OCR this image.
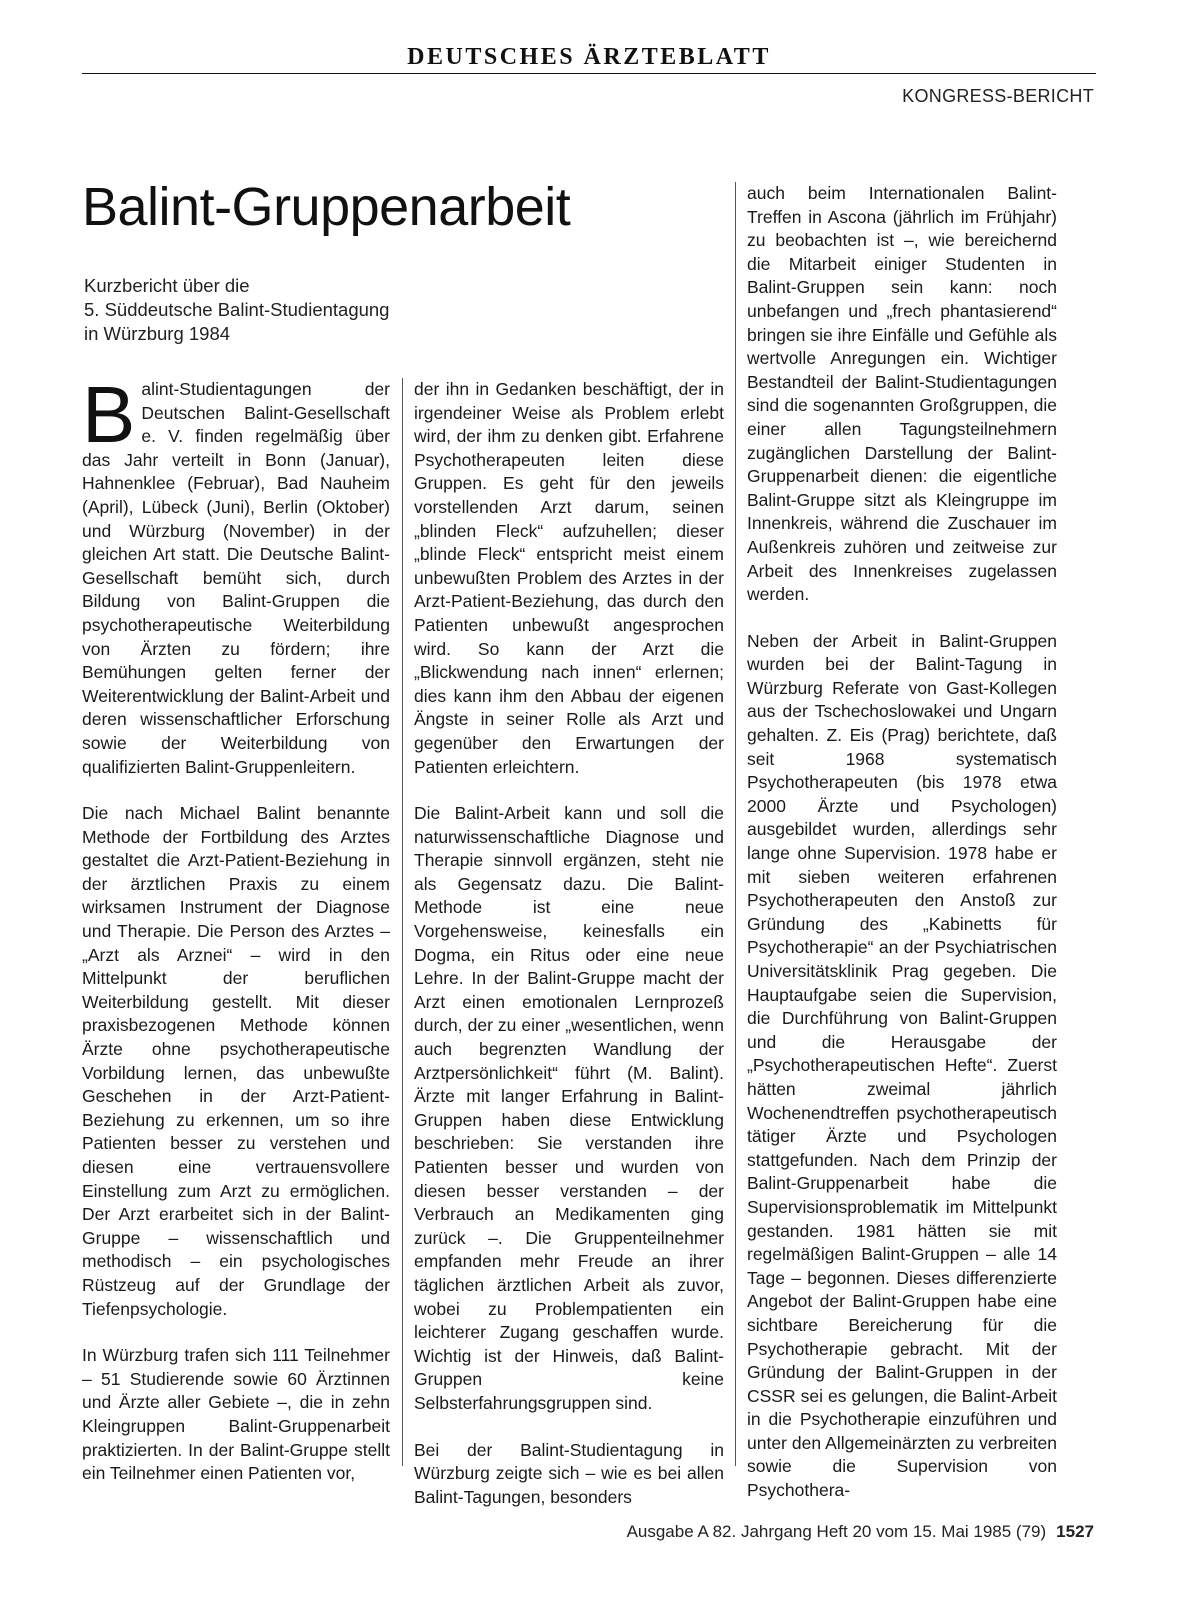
DEUTSCHES ÄRZTEBLATT
KONGRESS-BERICHT
Balint-Gruppenarbeit
Kurzbericht über die
5. Süddeutsche Balint-Studientagung
in Würzburg 1984

Balint-Studientagungen der Deutschen Balint-Gesellschaft e. V. finden regelmäßig über das Jahr verteilt in Bonn (Januar), Hahnenklee (Februar), Bad Nauheim (April), Lübeck (Juni), Berlin (Oktober) und Würzburg (November) in der gleichen Art statt. Die Deutsche Balint-Gesellschaft bemüht sich, durch Bildung von Balint-Gruppen die psychotherapeutische Weiterbildung von Ärzten zu fördern; ihre Bemühungen gelten ferner der Weiterentwicklung der Balint-Arbeit und deren wissenschaftlicher Erforschung sowie der Weiterbildung von qualifizierten Balint-Gruppenleitern.

Die nach Michael Balint benannte Methode der Fortbildung des Arztes gestaltet die Arzt-Patient-Beziehung in der ärztlichen Praxis zu einem wirksamen Instrument der Diagnose und Therapie. Die Person des Arztes – „Arzt als Arznei“ – wird in den Mittelpunkt der beruflichen Weiterbildung gestellt. Mit dieser praxisbezogenen Methode können Ärzte ohne psychotherapeutische Vorbildung lernen, das unbewußte Geschehen in der Arzt-Patient-Beziehung zu erkennen, um so ihre Patienten besser zu verstehen und diesen eine vertrauensvollere Einstellung zum Arzt zu ermöglichen. Der Arzt erarbeitet sich in der Balint-Gruppe – wissenschaftlich und methodisch – ein psychologisches Rüstzeug auf der Grundlage der Tiefenpsychologie.

In Würzburg trafen sich 111 Teilnehmer – 51 Studierende sowie 60 Ärztinnen und Ärzte aller Gebiete –, die in zehn Kleingruppen Balint-Gruppenarbeit praktizierten. In der Balint-Gruppe stellt ein Teilnehmer einen Patienten vor,

der ihn in Gedanken beschäftigt, der in irgendeiner Weise als Problem erlebt wird, der ihm zu denken gibt. Erfahrene Psychotherapeuten leiten diese Gruppen. Es geht für den jeweils vorstellenden Arzt darum, seinen „blinden Fleck“ aufzuhellen; dieser „blinde Fleck“ entspricht meist einem unbewußten Problem des Arztes in der Arzt-Patient-Beziehung, das durch den Patienten unbewußt angesprochen wird. So kann der Arzt die „Blickwendung nach innen“ erlernen; dies kann ihm den Abbau der eigenen Ängste in seiner Rolle als Arzt und gegenüber den Erwartungen der Patienten erleichtern.

Die Balint-Arbeit kann und soll die naturwissenschaftliche Diagnose und Therapie sinnvoll ergänzen, steht nie als Gegensatz dazu. Die Balint-Methode ist eine neue Vorgehensweise, keinesfalls ein Dogma, ein Ritus oder eine neue Lehre. In der Balint-Gruppe macht der Arzt einen emotionalen Lernprozeß durch, der zu einer „wesentlichen, wenn auch begrenzten Wandlung der Arztpersönlichkeit“ führt (M. Balint). Ärzte mit langer Erfahrung in Balint-Gruppen haben diese Entwicklung beschrieben: Sie verstanden ihre Patienten besser und wurden von diesen besser verstanden – der Verbrauch an Medikamenten ging zurück –. Die Gruppenteilnehmer empfanden mehr Freude an ihrer täglichen ärztlichen Arbeit als zuvor, wobei zu Problempatienten ein leichterer Zugang geschaffen wurde. Wichtig ist der Hinweis, daß Balint-Gruppen keine Selbsterfahrungsgruppen sind.

Bei der Balint-Studientagung in Würzburg zeigte sich – wie es bei allen Balint-Tagungen, besonders

auch beim Internationalen Balint-Treffen in Ascona (jährlich im Frühjahr) zu beobachten ist –, wie bereichernd die Mitarbeit einiger Studenten in Balint-Gruppen sein kann: noch unbefangen und „frech phantasierend“ bringen sie ihre Einfälle und Gefühle als wertvolle Anregungen ein. Wichtiger Bestandteil der Balint-Studientagungen sind die sogenannten Großgruppen, die einer allen Tagungsteilnehmern zugänglichen Darstellung der Balint-Gruppenarbeit dienen: die eigentliche Balint-Gruppe sitzt als Kleingruppe im Innenkreis, während die Zuschauer im Außenkreis zuhören und zeitweise zur Arbeit des Innenkreises zugelassen werden.

Neben der Arbeit in Balint-Gruppen wurden bei der Balint-Tagung in Würzburg Referate von Gast-Kollegen aus der Tschechoslowakei und Ungarn gehalten. Z. Eis (Prag) berichtete, daß seit 1968 systematisch Psychotherapeuten (bis 1978 etwa 2000 Ärzte und Psychologen) ausgebildet wurden, allerdings sehr lange ohne Supervision. 1978 habe er mit sieben weiteren erfahrenen Psychotherapeuten den Anstoß zur Gründung des „Kabinetts für Psychotherapie“ an der Psychiatrischen Universitätsklinik Prag gegeben. Die Hauptaufgabe seien die Supervision, die Durchführung von Balint-Gruppen und die Herausgabe der „Psychotherapeutischen Hefte“. Zuerst hätten zweimal jährlich Wochenendtreffen psychotherapeutisch tätiger Ärzte und Psychologen stattgefunden. Nach dem Prinzip der Balint-Gruppenarbeit habe die Supervisionsproblematik im Mittelpunkt gestanden. 1981 hätten sie mit regelmäßigen Balint-Gruppen – alle 14 Tage – begonnen. Dieses differenzierte Angebot der Balint-Gruppen habe eine sichtbare Bereicherung für die Psychotherapie gebracht. Mit der Gründung der Balint-Gruppen in der CSSR sei es gelungen, die Balint-Arbeit in die Psychotherapie einzuführen und unter den Allgemeinärzten zu verbreiten sowie die Supervision von Psychothera-

Ausgabe A 82. Jahrgang Heft 20 vom 15. Mai 1985 (79) 1527
